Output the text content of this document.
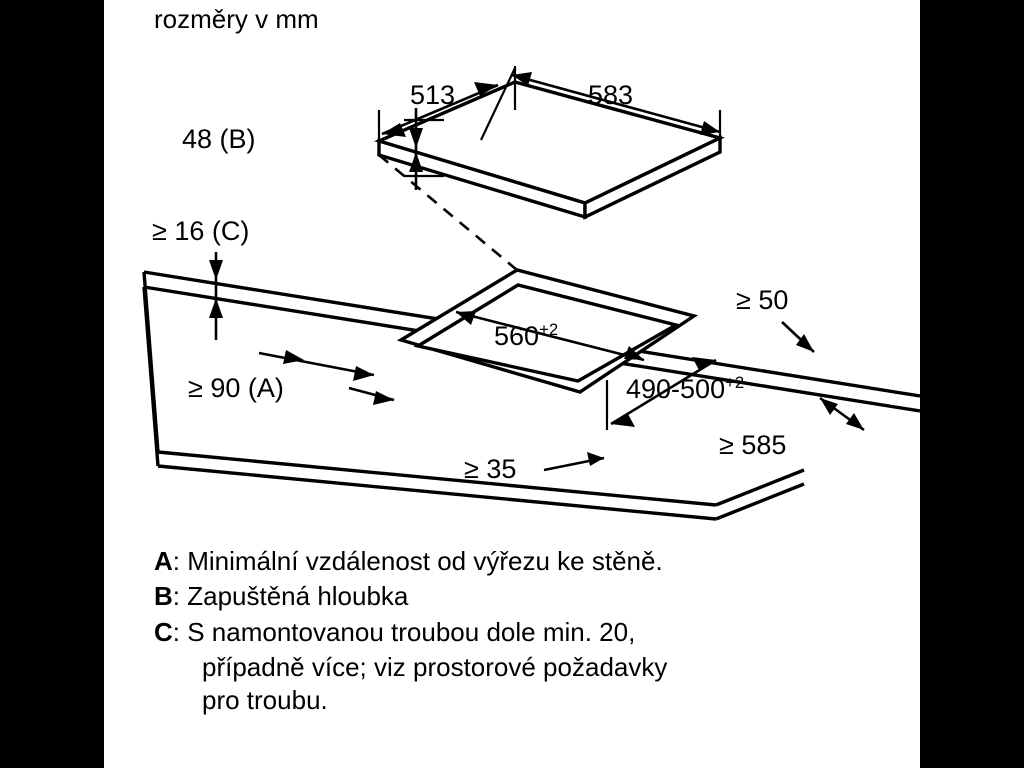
rozměry v mm
583
513
48 (B)
≥ 16 (C)
≥ 90 (A)
$560^{+2}$
$490-500^{+2}$
≥ 50
≥ 585
≥ 35
A: Minimální vzdálenost od výřezu ke stěně.
B: Zapuštěná hloubka
C: S namontovanou troubou dole min. 20,
případně více; viz prostorové požadavky
pro troubu.
